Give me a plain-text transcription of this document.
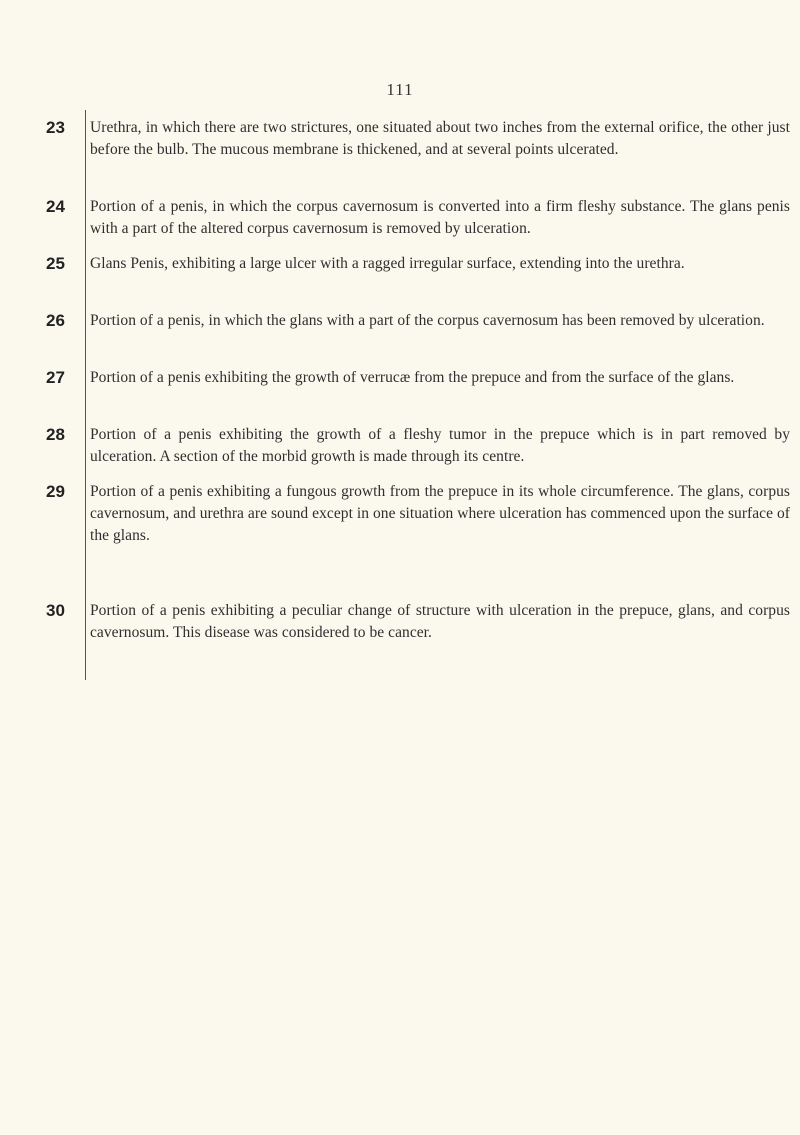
111
23	Urethra, in which there are two strictures, one situated about two inches from the external orifice, the other just before the bulb. The mucous membrane is thickened, and at several points ulcerated.
24	Portion of a penis, in which the corpus cavernosum is converted into a firm fleshy substance. The glans penis with a part of the altered corpus cavernosum is removed by ulceration.
25	Glans Penis, exhibiting a large ulcer with a ragged irregular surface, extending into the urethra.
26	Portion of a penis, in which the glans with a part of the corpus cavernosum has been removed by ulceration.
27	Portion of a penis exhibiting the growth of verrucæ from the prepuce and from the surface of the glans.
28	Portion of a penis exhibiting the growth of a fleshy tumor in the prepuce which is in part removed by ulceration. A section of the morbid growth is made through its centre.
29	Portion of a penis exhibiting a fungous growth from the prepuce in its whole circumference. The glans, corpus cavernosum, and urethra are sound except in one situation where ulceration has commenced upon the surface of the glans.
30	Portion of a penis exhibiting a peculiar change of structure with ulceration in the prepuce, glans, and corpus cavernosum. This disease was considered to be cancer.
